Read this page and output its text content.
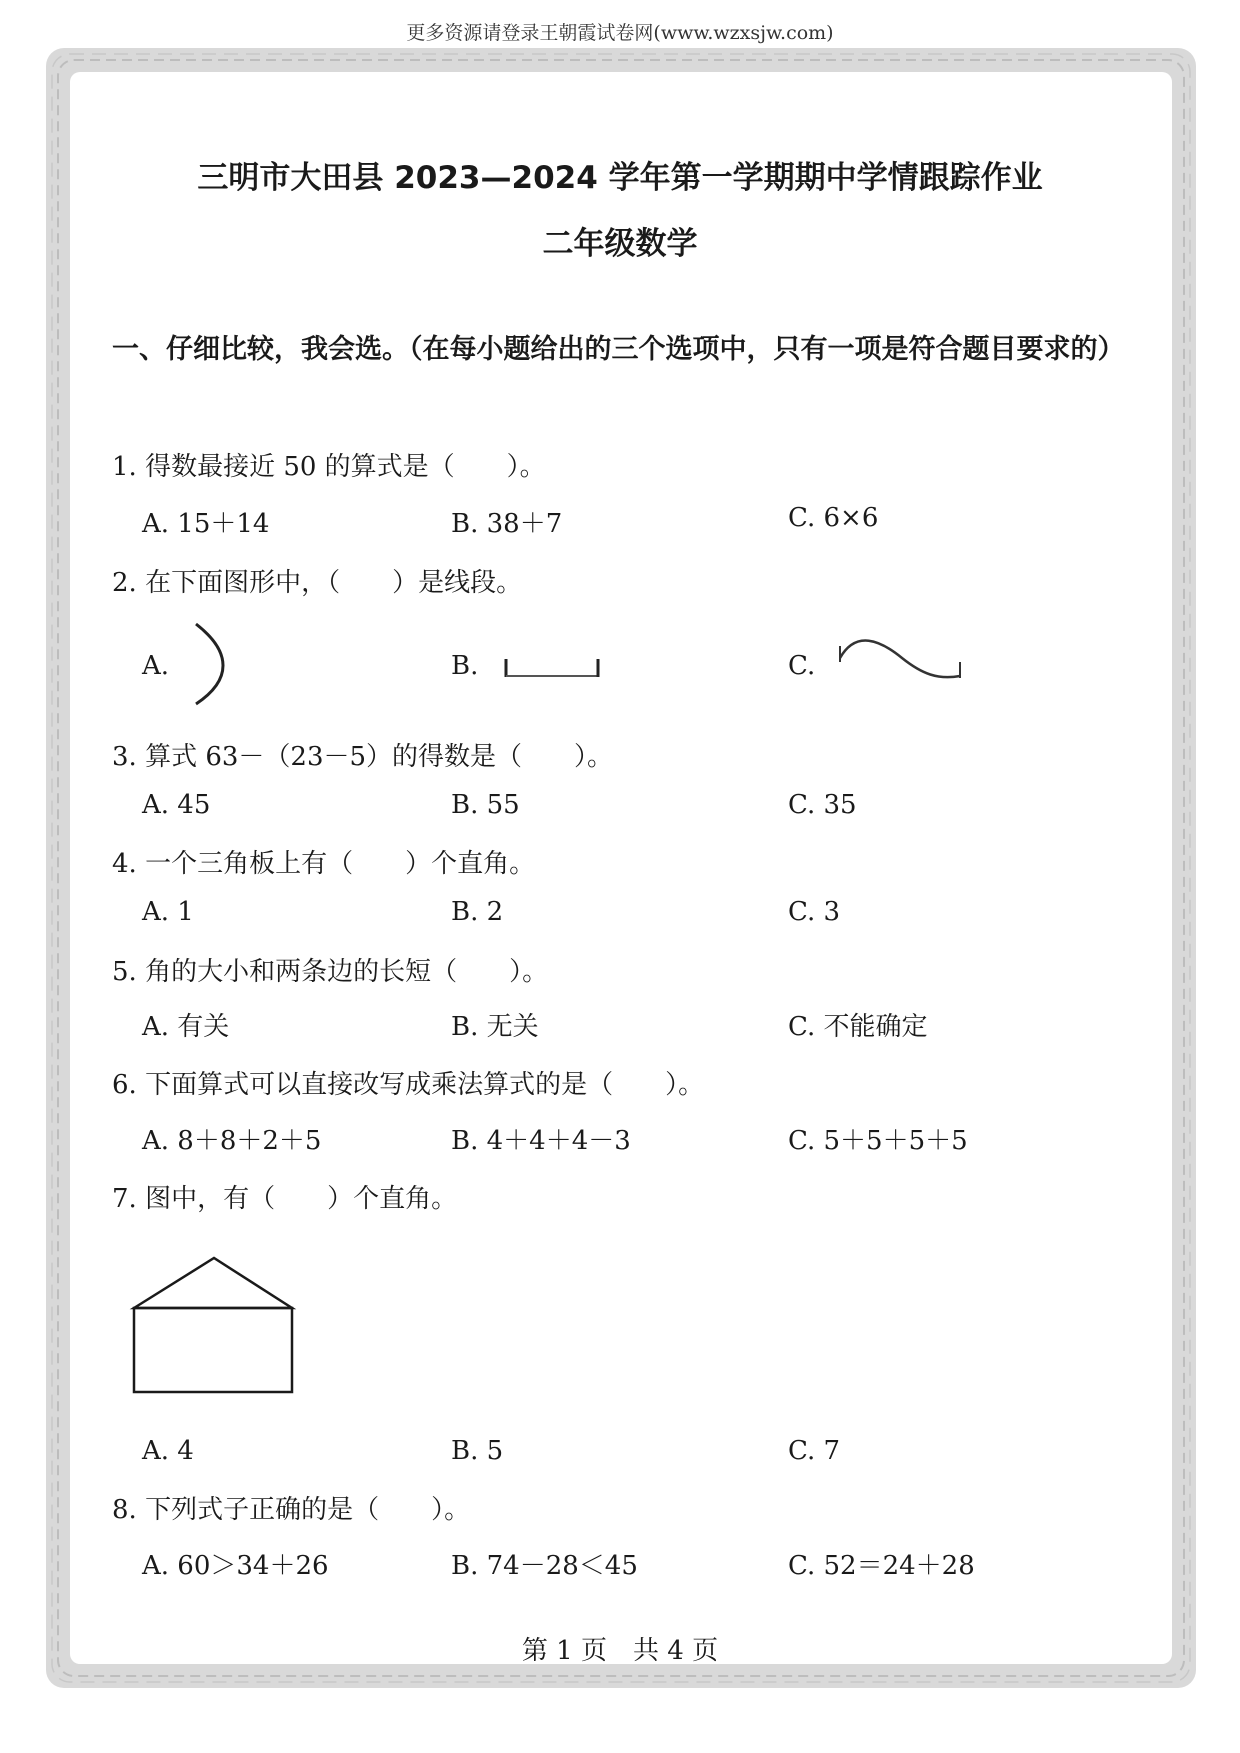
更多资源请登录王朝霞试卷网(www.wzxsjw.com)
三明市大田县 2023—2024 学年第一学期期中学情跟踪作业
二年级数学
一、仔细比较，我会选。（在每小题给出的三个选项中，只有一项是符合题目要求的）
1. 得数最接近 50 的算式是（　　）。
A. 15＋14	B. 38＋7	C. 6×6
2. 在下面图形中，（　　）是线段。
A.	B.	C.
3. 算式 63－（23－5）的得数是（　　）。
A. 45	B. 55	C. 35
4. 一个三角板上有（　　）个直角。
A. 1	B. 2	C. 3
5. 角的大小和两条边的长短（　　）。
A. 有关	B. 无关	C. 不能确定
6. 下面算式可以直接改写成乘法算式的是（　　）。
A. 8＋8＋2＋5	B. 4＋4＋4－3	C. 5＋5＋5＋5
7. 图中，有（　　）个直角。
A. 4	B. 5	C. 7
8. 下列式子正确的是（　　）。
A. 60＞34＋26	B. 74－28＜45	C. 52＝24＋28
第 1 页　共 4 页
